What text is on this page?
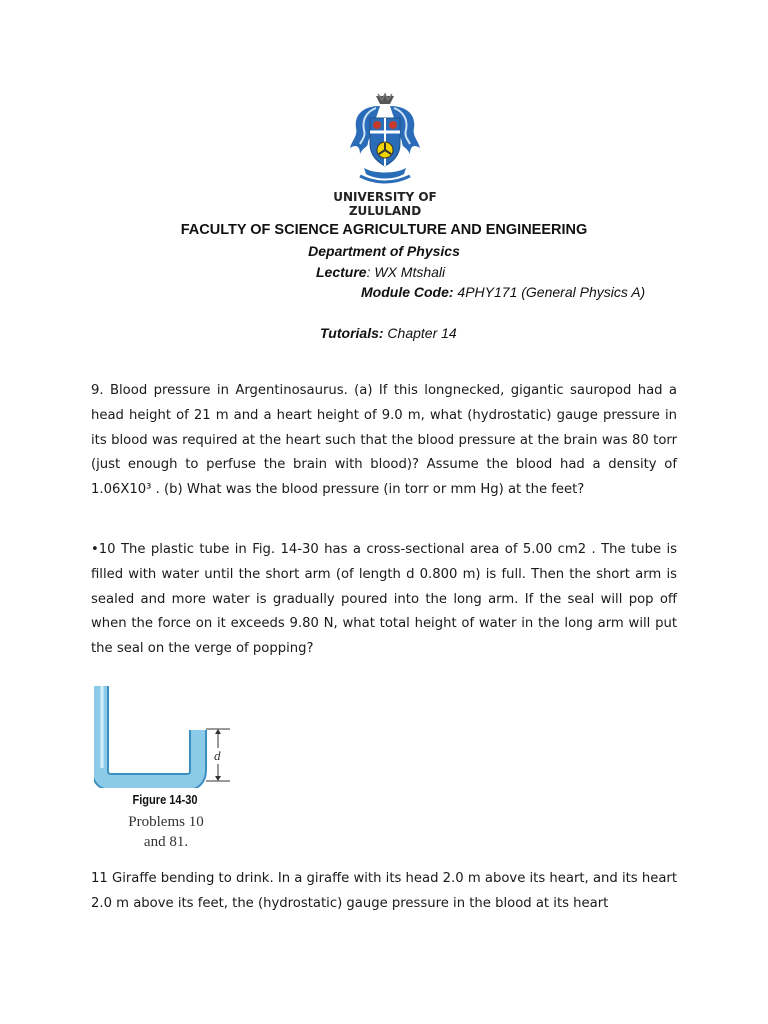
UNIVERSITY OF
ZULULAND
FACULTY OF SCIENCE AGRICULTURE AND ENGINEERING
Department of Physics
Lecture: WX Mtshali
Module Code: 4PHY171 (General Physics A)
Tutorials: Chapter 14
9. Blood pressure in Argentinosaurus. (a) If this longnecked, gigantic sauropod had a head height of 21 m and a heart height of 9.0 m, what (hydrostatic) gauge pressure in its blood was required at the heart such that the blood pressure at the brain was 80 torr (just enough to perfuse the brain with blood)? Assume the blood had a density of 1.06X10³ . (b) What was the blood pressure (in torr or mm Hg) at the feet?
•10 The plastic tube in Fig. 14-30 has a cross-sectional area of 5.00 cm2 . The tube is filled with water until the short arm (of length d 0.800 m) is full. Then the short arm is sealed and more water is gradually poured into the long arm. If the seal will pop off when the force on it exceeds 9.80 N, what total height of water in the long arm will put the seal on the verge of popping?
d
Figure 14-30
Problems 10
and 81.
11 Giraffe bending to drink. In a giraffe with its head 2.0 m above its heart, and its heart 2.0 m above its feet, the (hydrostatic) gauge pressure in the blood at its heart
